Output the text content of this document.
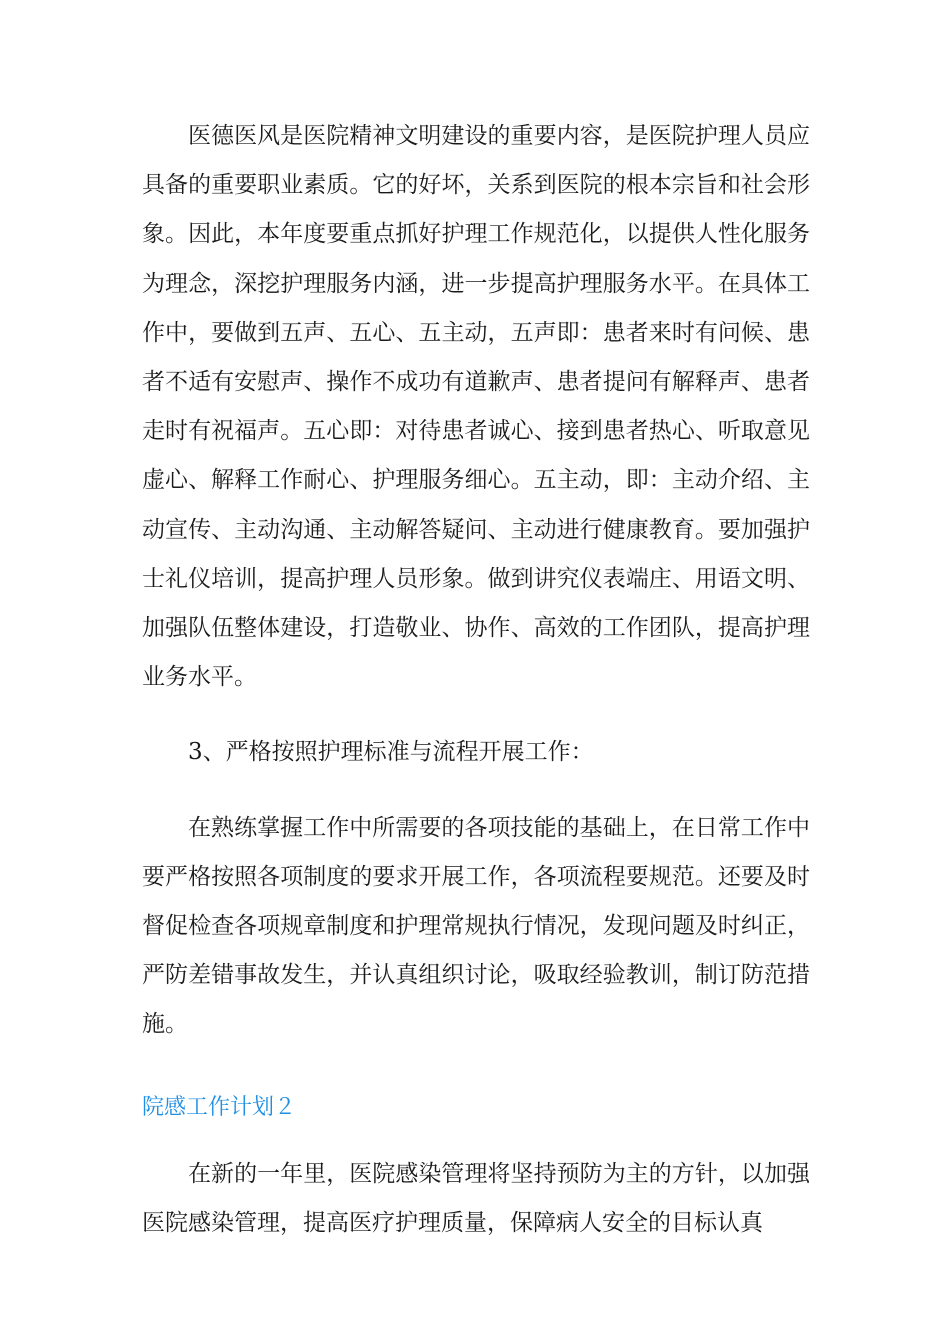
医德医风是医院精神文明建设的重要内容，是医院护理人员应具备的重要职业素质。它的好坏，关系到医院的根本宗旨和社会形象。因此，本年度要重点抓好护理工作规范化，以提供人性化服务为理念，深挖护理服务内涵，进一步提高护理服务水平。在具体工作中，要做到五声、五心、五主动，五声即：患者来时有问候、患者不适有安慰声、操作不成功有道歉声、患者提问有解释声、患者走时有祝福声。五心即：对待患者诚心、接到患者热心、听取意见虚心、解释工作耐心、护理服务细心。五主动，即：主动介绍、主动宣传、主动沟通、主动解答疑问、主动进行健康教育。要加强护士礼仪培训，提高护理人员形象。做到讲究仪表端庄、用语文明、加强队伍整体建设，打造敬业、协作、高效的工作团队，提高护理业务水平。

3、严格按照护理标准与流程开展工作：

在熟练掌握工作中所需要的各项技能的基础上，在日常工作中要严格按照各项制度的要求开展工作，各项流程要规范。还要及时督促检查各项规章制度和护理常规执行情况，发现问题及时纠正，严防差错事故发生，并认真组织讨论，吸取经验教训，制订防范措施。

院感工作计划２

在新的一年里，医院感染管理将坚持预防为主的方针，以加强医院感染管理，提高医疗护理质量，保障病人安全的目标认真
